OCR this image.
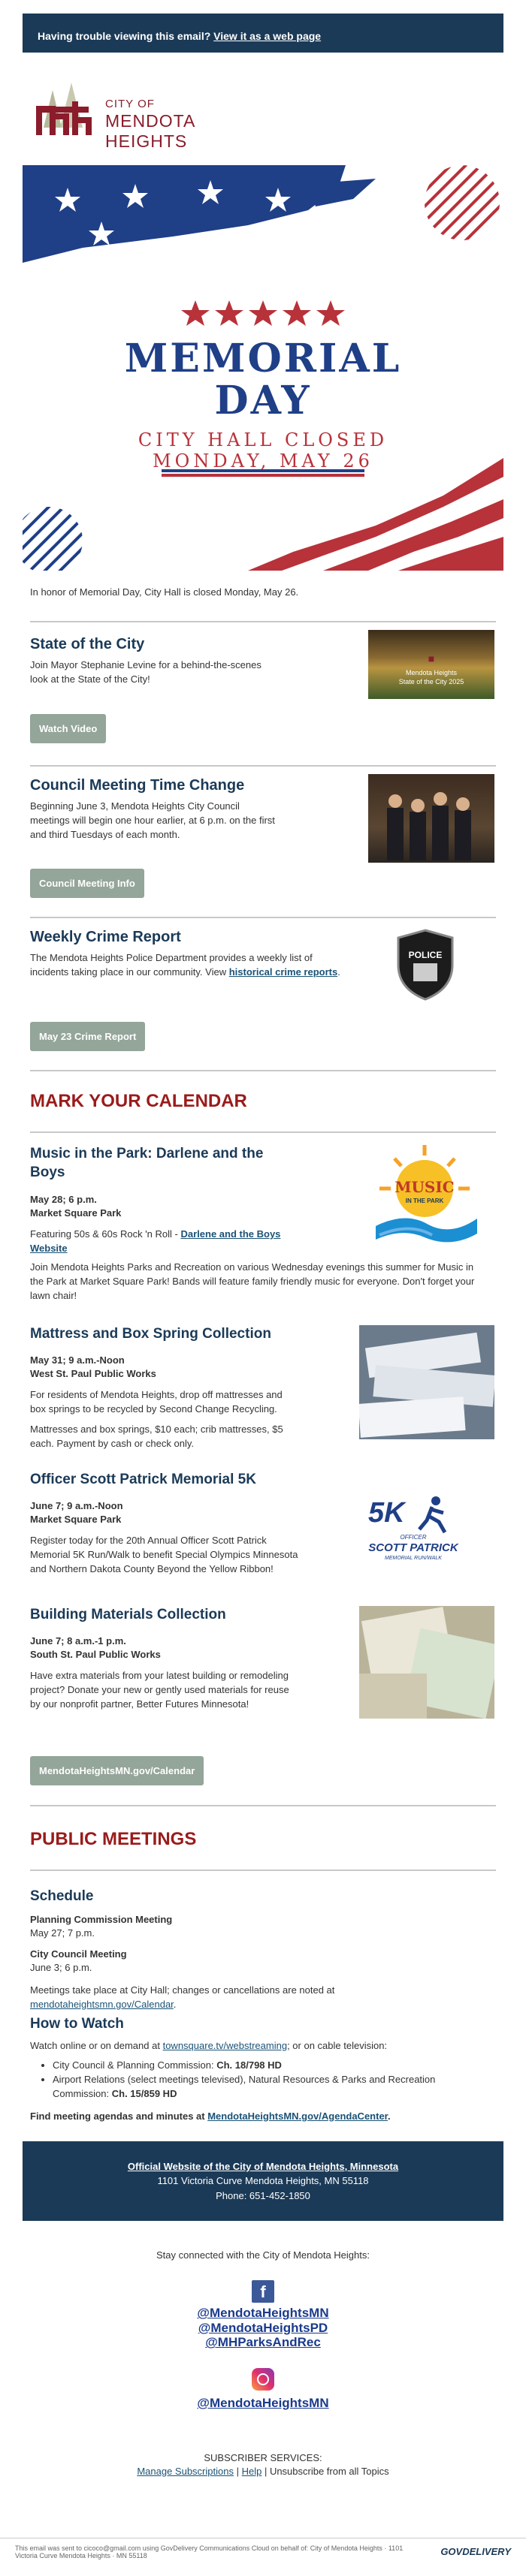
Having trouble viewing this email? View it as a web page
CITY OF
MENDOTA HEIGHTS
MEMORIAL
DAY
CITY HALL CLOSED
MONDAY, MAY 26
In honor of Memorial Day, City Hall is closed Monday, May 26.
State of the City
Join Mayor Stephanie Levine for a behind-the-scenes look at the State of the City!
■
Mendota Heights
State of the City 2025
Watch Video
Council Meeting Time Change
Beginning June 3, Mendota Heights City Council meetings will begin one hour earlier, at 6 p.m. on the first and third Tuesdays of each month.
Council Meeting Info
Weekly Crime Report
The Mendota Heights Police Department provides a weekly list of incidents taking place in our community. View historical crime reports.
POLICE
May 23 Crime Report
MARK YOUR CALENDAR
Music in the Park: Darlene and the Boys
May 28; 6 p.m.
Market Square Park
Featuring 50s & 60s Rock 'n Roll - Darlene and the Boys Website
Join Mendota Heights Parks and Recreation on various Wednesday evenings this summer for Music in the Park at Market Square Park! Bands will feature family friendly music for everyone. Don't forget your lawn chair!
MUSIC
IN THE PARK
Mattress and Box Spring Collection
May 31; 9 a.m.-Noon
West St. Paul Public Works
For residents of Mendota Heights, drop off mattresses and box springs to be recycled by Second Change Recycling.
Mattresses and box springs, $10 each; crib mattresses, $5 each. Payment by cash or check only.
Officer Scott Patrick Memorial 5K
June 7; 9 a.m.-Noon
Market Square Park
Register today for the 20th Annual Officer Scott Patrick Memorial 5K Run/Walk to benefit Special Olympics Minnesota and Northern Dakota County Beyond the Yellow Ribbon!
5K
OFFICER
SCOTT PATRICK
MEMORIAL RUN/WALK
Building Materials Collection
June 7; 8 a.m.-1 p.m.
South St. Paul Public Works
Have extra materials from your latest building or remodeling project? Donate your new or gently used materials for reuse by our nonprofit partner, Better Futures Minnesota!
MendotaHeightsMN.gov/Calendar
PUBLIC MEETINGS
Schedule
Planning Commission Meeting
May 27; 7 p.m.
City Council Meeting
June 3; 6 p.m.
Meetings take place at City Hall; changes or cancellations are noted at mendotaheightsmn.gov/Calendar.
How to Watch
Watch online or on demand at townsquare.tv/webstreaming; or on cable television:
• City Council & Planning Commission: Ch. 18/798 HD
• Airport Relations (select meetings televised), Natural Resources & Parks and Recreation Commission: Ch. 15/859 HD
Find meeting agendas and minutes at MendotaHeightsMN.gov/AgendaCenter.
Official Website of the City of Mendota Heights, Minnesota
1101 Victoria Curve Mendota Heights, MN 55118
Phone: 651-452-1850
Stay connected with the City of Mendota Heights:
f
@MendotaHeightsMN
@MendotaHeightsPD
@MHParksAndRec
@MendotaHeightsMN
SUBSCRIBER SERVICES:
Manage Subscriptions | Help | Unsubscribe from all Topics
This email was sent to cicoco@gmail.com using GovDelivery Communications Cloud on behalf of: City of Mendota Heights · 1101
Victoria Curve Mendota Heights · MN 55118	GOVDELIVERY
